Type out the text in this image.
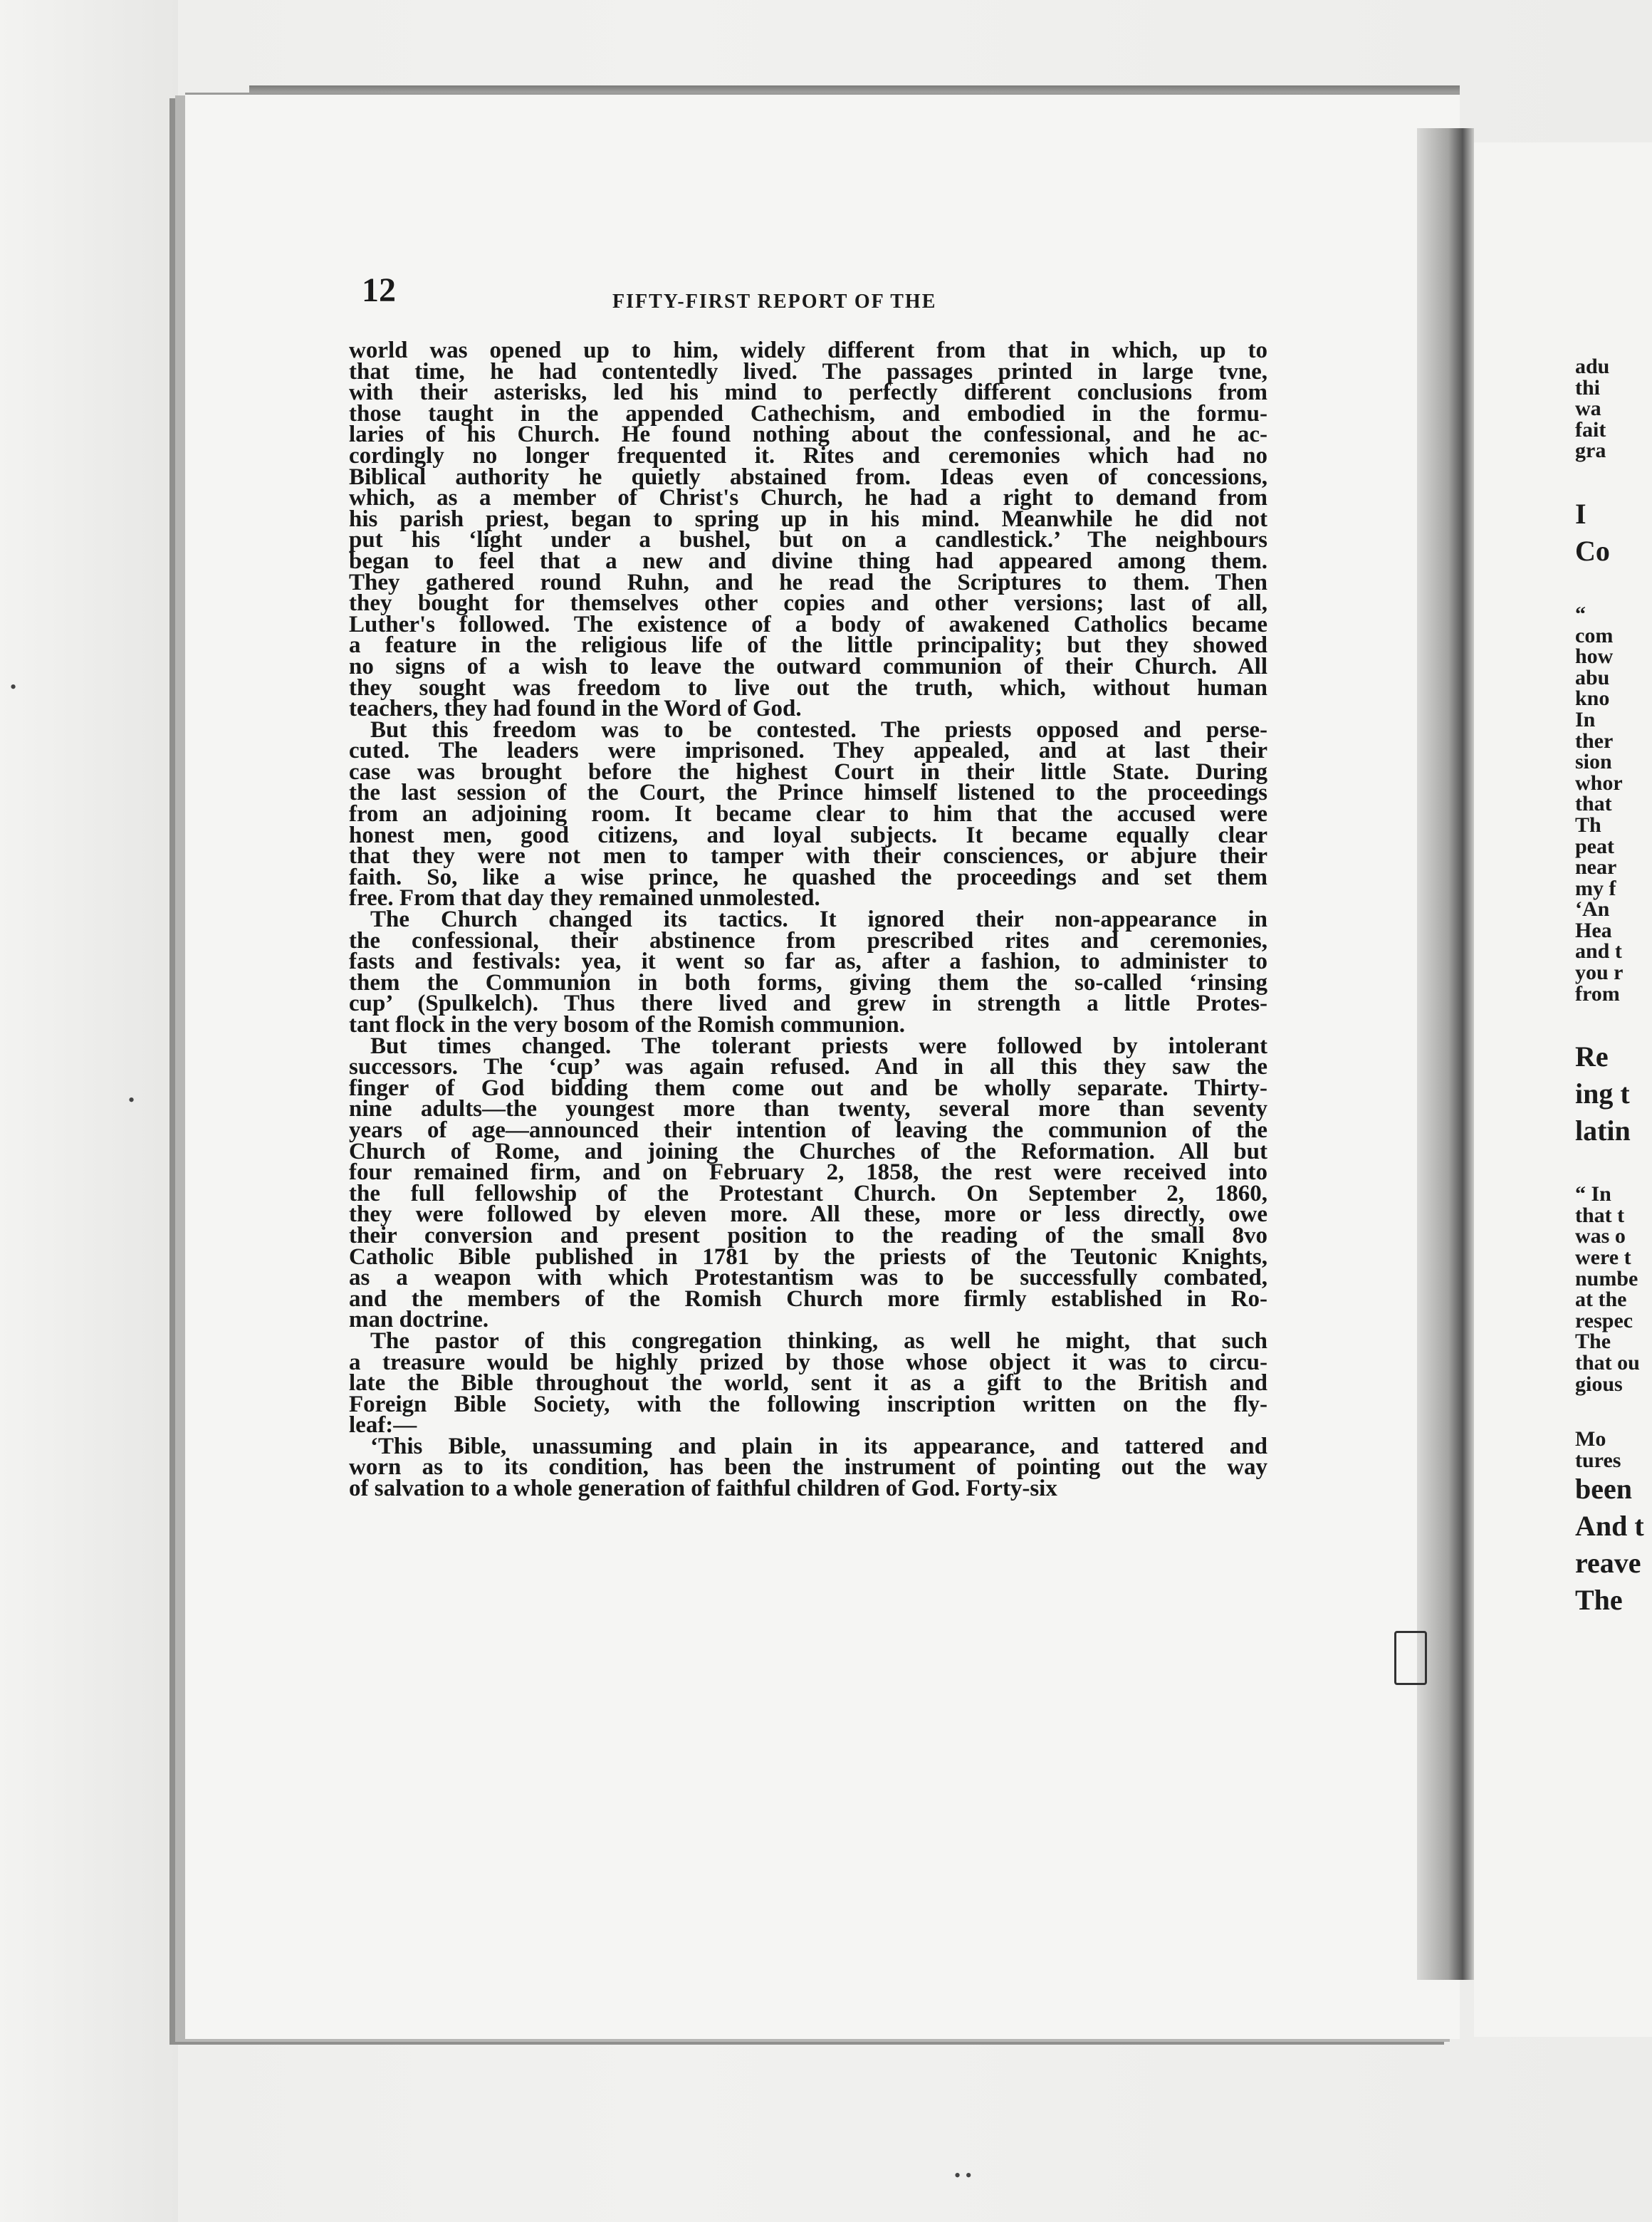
•
•
• •
12	FIFTY-FIRST REPORT OF THE
world was opened up to him, widely different from that in which, up to
that time, he had contentedly lived. The passages printed in large tvne,
with their asterisks, led his mind to perfectly different conclusions from
those taught in the appended Cathechism, and embodied in the formu-
laries of his Church. He found nothing about the confessional, and he ac-
cordingly no longer frequented it. Rites and ceremonies which had no
Biblical authority he quietly abstained from. Ideas even of concessions,
which, as a member of Christ's Church, he had a right to demand from
his parish priest, began to spring up in his mind. Meanwhile he did not
put his ‘light under a bushel, but on a candlestick.’ The neighbours
began to feel that a new and divine thing had appeared among them.
They gathered round Ruhn, and he read the Scriptures to them. Then
they bought for themselves other copies and other versions; last of all,
Luther's followed. The existence of a body of awakened Catholics became
a feature in the religious life of the little principality; but they showed
no signs of a wish to leave the outward communion of their Church. All
they sought was freedom to live out the truth, which, without human
teachers, they had found in the Word of God.
But this freedom was to be contested. The priests opposed and perse-
cuted. The leaders were imprisoned. They appealed, and at last their
case was brought before the highest Court in their little State. During
the last session of the Court, the Prince himself listened to the proceedings
from an adjoining room. It became clear to him that the accused were
honest men, good citizens, and loyal subjects. It became equally clear
that they were not men to tamper with their consciences, or abjure their
faith. So, like a wise prince, he quashed the proceedings and set them
free. From that day they remained unmolested.
The Church changed its tactics. It ignored their non-appearance in
the confessional, their abstinence from prescribed rites and ceremonies,
fasts and festivals: yea, it went so far as, after a fashion, to administer to
them the Communion in both forms, giving them the so-called ‘rinsing
cup’ (Spulkelch). Thus there lived and grew in strength a little Protes-
tant flock in the very bosom of the Romish communion.
But times changed. The tolerant priests were followed by intolerant
successors. The ‘cup’ was again refused. And in all this they saw the
finger of God bidding them come out and be wholly separate. Thirty-
nine adults—the youngest more than twenty, several more than seventy
years of age—announced their intention of leaving the communion of the
Church of Rome, and joining the Churches of the Reformation. All but
four remained firm, and on February 2, 1858, the rest were received into
the full fellowship of the Protestant Church. On September 2, 1860,
they were followed by eleven more. All these, more or less directly, owe
their conversion and present position to the reading of the small 8vo
Catholic Bible published in 1781 by the priests of the Teutonic Knights,
as a weapon with which Protestantism was to be successfully combated,
and the members of the Romish Church more firmly established in Ro-
man doctrine.
The pastor of this congregation thinking, as well he might, that such
a treasure would be highly prized by those whose object it was to circu-
late the Bible throughout the world, sent it as a gift to the British and
Foreign Bible Society, with the following inscription written on the fly-
leaf:—
‘This Bible, unassuming and plain in its appearance, and tattered and
worn as to its condition, has been the instrument of pointing out the way
of salvation to a whole generation of faithful children of God. Forty-six
adu
thi
wa
fait
gra
I
Co
“
com
how
abu
kno
In
ther
sion
whor
that
Th
peat
near
my f
‘An
Hea
and t
you r
from
Re
ing t
latin
“ In
that t
was o
were t
numbe
at the
respec
The
that ou
gious
Mo
tures
been
And t
reave
The
